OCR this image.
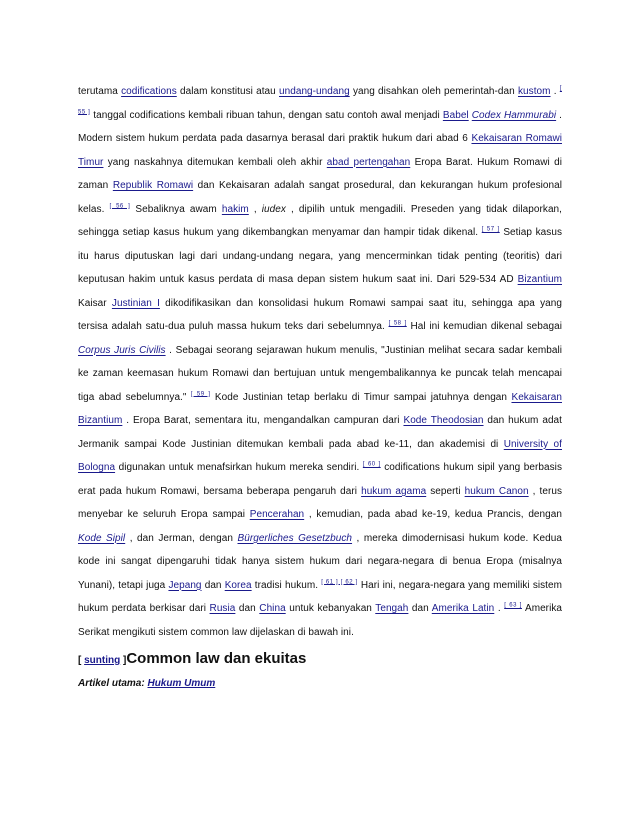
terutama codifications dalam konstitusi atau undang-undang yang disahkan oleh pemerintah-dan kustom . [ 55 ] tanggal codifications kembali ribuan tahun, dengan satu contoh awal menjadi Babel Codex Hammurabi . Modern sistem hukum perdata pada dasarnya berasal dari praktik hukum dari abad 6 Kekaisaran Romawi Timur yang naskahnya ditemukan kembali oleh akhir abad pertengahan Eropa Barat. Hukum Romawi di zaman Republik Romawi dan Kekaisaran adalah sangat prosedural, dan kekurangan hukum profesional kelas. [ 56 ] Sebaliknya awam hakim , iudex , dipilih untuk mengadili. Preseden yang tidak dilaporkan, sehingga setiap kasus hukum yang dikembangkan menyamar dan hampir tidak dikenal. [ 57 ] Setiap kasus itu harus diputuskan lagi dari undang-undang negara, yang mencerminkan tidak penting (teoritis) dari keputusan hakim untuk kasus perdata di masa depan sistem hukum saat ini. Dari 529-534 AD Bizantium Kaisar Justinian I dikodifikasikan dan konsolidasi hukum Romawi sampai saat itu, sehingga apa yang tersisa adalah satu-dua puluh massa hukum teks dari sebelumnya. [ 58 ] Hal ini kemudian dikenal sebagai Corpus Juris Civilis . Sebagai seorang sejarawan hukum menulis, "Justinian melihat secara sadar kembali ke zaman keemasan hukum Romawi dan bertujuan untuk mengembalikannya ke puncak telah mencapai tiga abad sebelumnya." [ 59 ] Kode Justinian tetap berlaku di Timur sampai jatuhnya dengan Kekaisaran Bizantium . Eropa Barat, sementara itu, mengandalkan campuran dari Kode Theodosian dan hukum adat Jermanik sampai Kode Justinian ditemukan kembali pada abad ke-11, dan akademisi di University of Bologna digunakan untuk menafsirkan hukum mereka sendiri. [ 60 ] codifications hukum sipil yang berbasis erat pada hukum Romawi, bersama beberapa pengaruh dari hukum agama seperti hukum Canon , terus menyebar ke seluruh Eropa sampai Pencerahan , kemudian, pada abad ke-19, kedua Prancis, dengan Kode Sipil , dan Jerman, dengan Bürgerliches Gesetzbuch , mereka dimodernisasi hukum kode. Kedua kode ini sangat dipengaruhi tidak hanya sistem hukum dari negara-negara di benua Eropa (misalnya Yunani), tetapi juga Jepang dan Korea tradisi hukum. [ 61 ] [ 62 ] Hari ini, negara-negara yang memiliki sistem hukum perdata berkisar dari Rusia dan China untuk kebanyakan Tengah dan Amerika Latin . [ 63 ] Amerika Serikat mengikuti sistem common law dijelaskan di bawah ini.

[ sunting ]Common law dan ekuitas
Artikel utama: Hukum Umum
